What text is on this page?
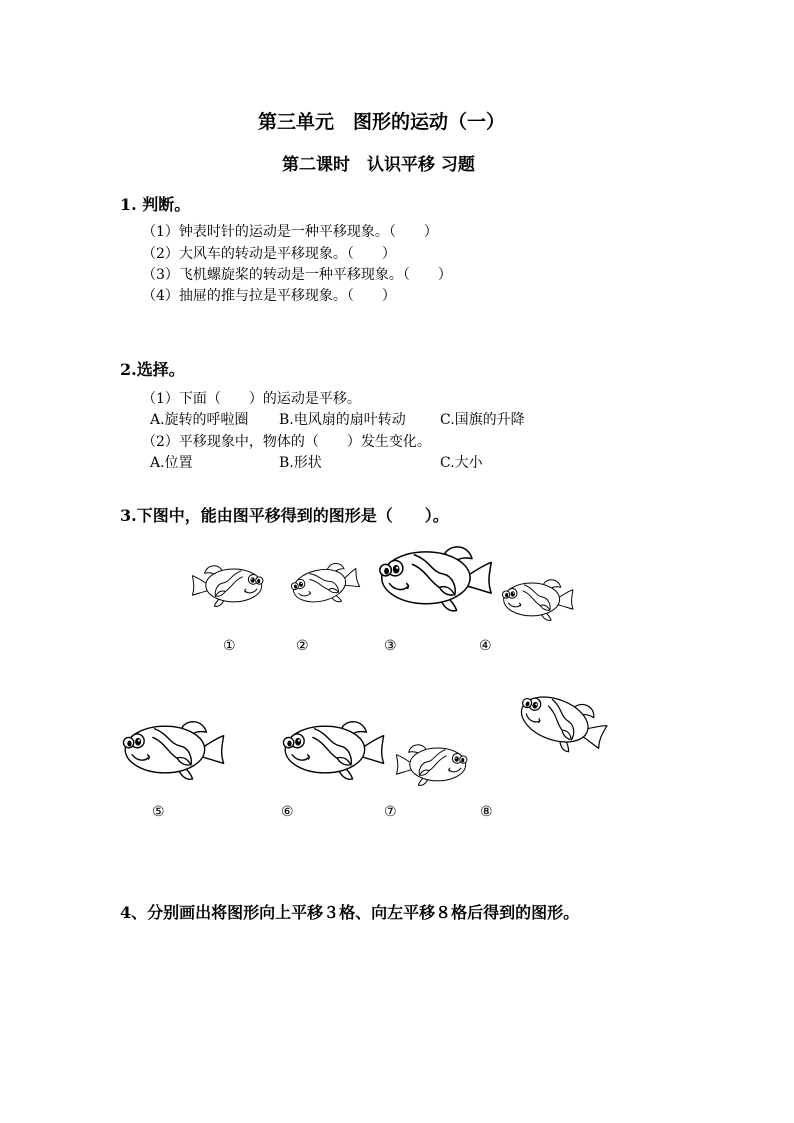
第三单元　图形的运动（一）
第二课时　认识平移 习题
1. 判断。
（1）钟表时针的运动是一种平移现象。（　　）
（2）大风车的转动是平移现象。（　　）
（3）飞机螺旋桨的转动是一种平移现象。（　　）
（4）抽屉的推与拉是平移现象。（　　）
2.选择。
（1）下面（　　）的运动是平移。
A.旋转的呼啦圈 B.电风扇的扇叶转动 C.国旗的升降
（2）平移现象中，物体的（　　）发生变化。
A.位置	B.形状	C.大小
3.下图中，能由图平移得到的图形是（　　）。
①	②	③	④
⑤	⑥	⑦	⑧
4、分别画出将图形向上平移３格、向左平移８格后得到的图形。
